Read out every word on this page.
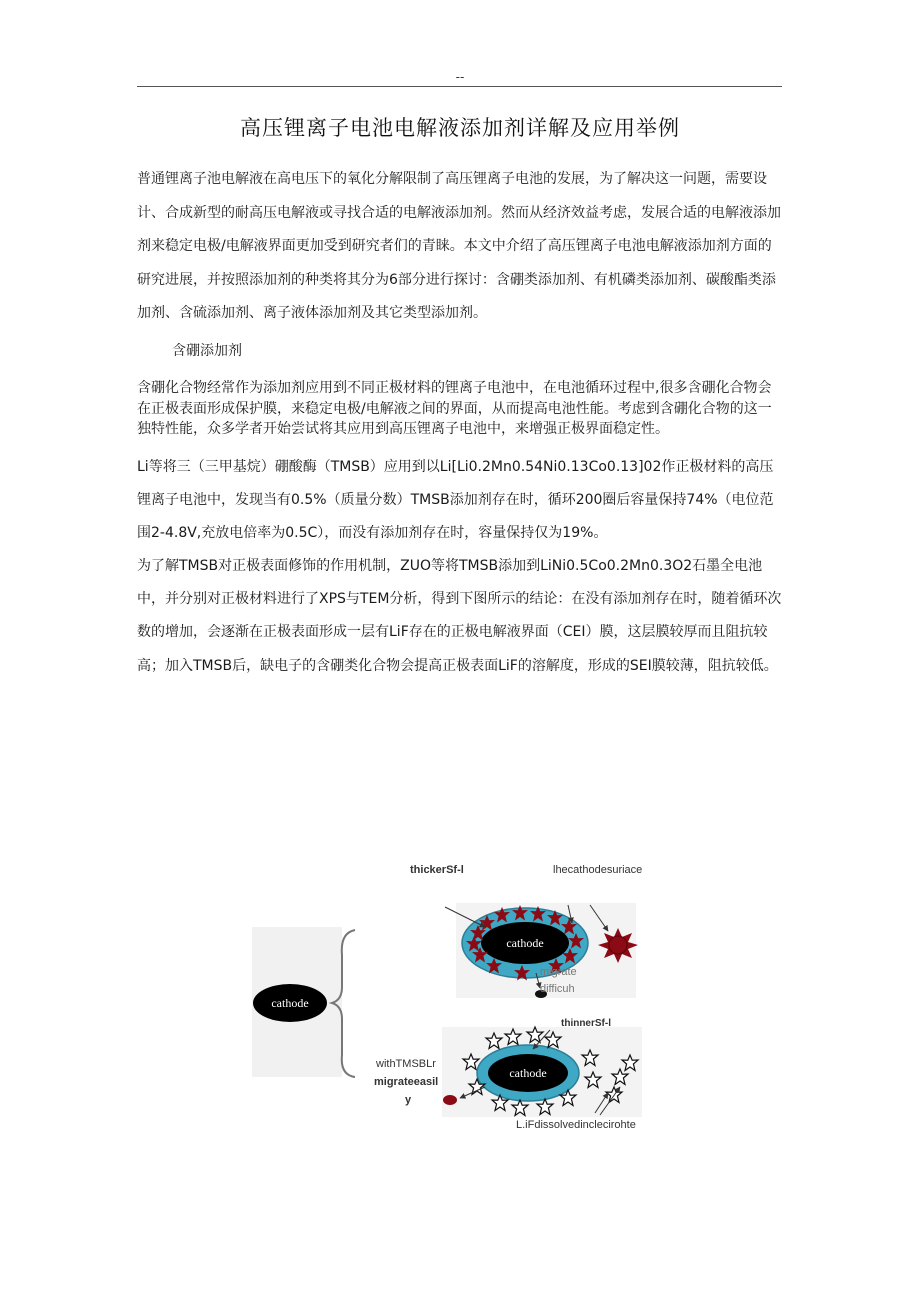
--
高压锂离子电池电解液添加剂详解及应用举例

普通锂离子池电解液在高电压下的氧化分解限制了高压锂离子电池的发展，为了解决这一问题，需要设计、合成新型的耐高压电解液或寻找合适的电解液添加剂。然而从经济效益考虑，发展合适的电解液添加剂来稳定电极/电解液界面更加受到研究者们的青睐。本文中介绍了高压锂离子电池电解液添加剂方面的研究进展，并按照添加剂的种类将其分为6部分进行探讨：含硼类添加剂、有机磷类添加剂、碳酸酯类添加剂、含硫添加剂、离子液体添加剂及其它类型添加剂。

含硼添加剂

含硼化合物经常作为添加剂应用到不同正极材料的锂离子电池中，在电池循环过程中,很多含硼化合物会在正极表面形成保护膜，来稳定电极/电解液之间的界面，从而提高电池性能。考虑到含硼化合物的这一独特性能，众多学者开始尝试将其应用到高压锂离子电池中，来增强正极界面稳定性。

Li等将三（三甲基烷）硼酸酶（TMSB）应用到以Li[Li0.2Mn0.54Ni0.13Co0.13]02作正极材料的高压锂离子电池中，发现当有0.5%（质量分数）TMSB添加剂存在时，循环200圈后容量保持74%（电位范围2-4.8V,充放电倍率为0.5C），而没有添加剂存在时，容量保持仅为19%。

为了解TMSB对正极表面修饰的作用机制，ZUO等将TMSB添加到LiNi0.5Co0.2Mn0.3O2石墨全电池中，并分别对正极材料进行了XPS与TEM分析，得到下图所示的结论：在没有添加剂存在时，随着循环次数的增加，会逐渐在正极表面形成一层有LiF存在的正极电解液界面（CEI）膜，这层膜较厚而且阻抗较高；加入TMSB后，缺电子的含硼类化合物会提高正极表面LiF的溶解度，形成的SEI膜较薄，阻抗较低。

cathode
thickerSf-l	lhecathodesuriace
cathode
migrate
difficuh
thinnerSf-l
cathode
withTMSBLr
migrateeasil
y
L.iFdissolvedinclecirohte
